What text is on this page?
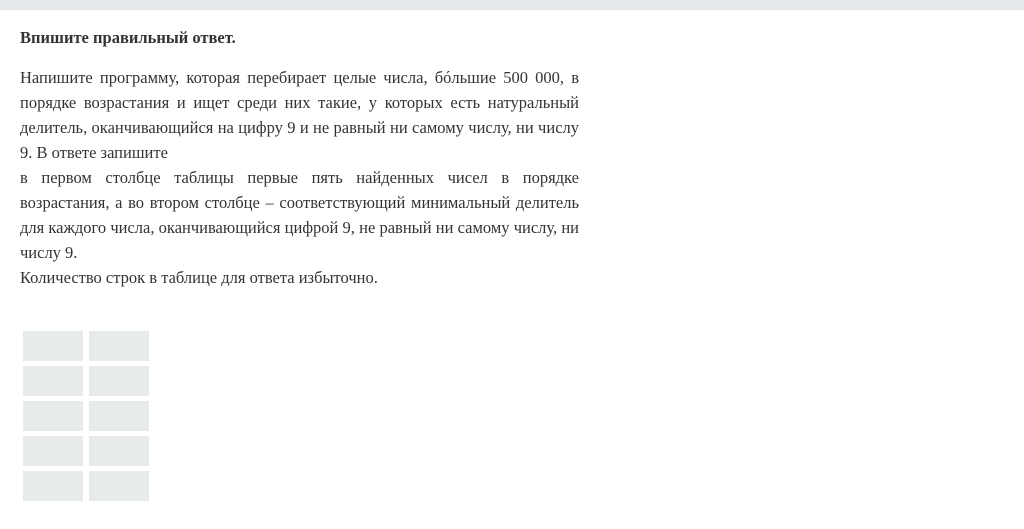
Впишите правильный ответ.

Напишите программу, которая перебирает целые числа, бóльшие 500 000, в порядке возрастания и ищет среди них такие, у которых есть натуральный делитель, оканчивающийся на цифру 9 и не равный ни самому числу, ни числу 9. В ответе запишите

в первом столбце таблицы первые пять найденных чисел в порядке возрастания, а во втором столбце – соответствующий минимальный делитель для каждого числа, оканчивающийся цифрой 9, не равный ни самому числу, ни числу 9.

Количество строк в таблице для ответа избыточно.
